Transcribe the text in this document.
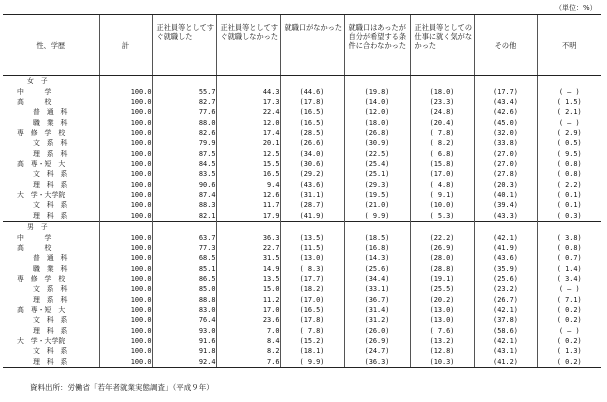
（単位：%）
性、学歴	計	正社員等としてすぐ就職した	正社員等としてすぐ就職しなかった	就職口がなかった	就職口はあったが自分が希望する条件に合わなかった	正社員等としての仕事に就く気がなかった	その他	不明
女　子								
中　　　学	100.0	55.7	44.3	(44.6)	(19.8)	(18.0)	(17.7)	( ― )
高　　　校	100.0	82.7	17.3	(17.8)	(14.0)	(23.3)	(43.4)	( 1.5)
普　通　科	100.0	77.6	22.4	(16.5)	(12.0)	(24.8)	(42.6)	( 2.1)
職　業　科	100.0	88.0	12.0	(16.5)	(18.0)	(20.4)	(45.0)	( ― )
専　修　学　校	100.0	82.6	17.4	(28.5)	(26.8)	( 7.8)	(32.0)	( 2.9)
文　系　科	100.0	79.9	20.1	(26.6)	(30.9)	( 8.2)	(33.8)	( 0.5)
理　系　科	100.0	87.5	12.5	(34.0)	(22.5)	( 6.8)	(27.0)	( 9.5)
高　専・短　大	100.0	84.5	15.5	(30.6)	(25.4)	(15.8)	(27.0)	( 0.8)
文　科　系	100.0	83.5	16.5	(29.2)	(25.1)	(17.0)	(27.8)	( 0.8)
理　科　系	100.0	90.6	9.4	(43.6)	(29.3)	( 4.8)	(20.3)	( 2.2)
大　学・大学院	100.0	87.4	12.6	(31.1)	(19.5)	( 9.1)	(40.1)	( 0.1)
文　科　系	100.0	88.3	11.7	(28.7)	(21.0)	(10.0)	(39.4)	( 0.1)
理　科　系	100.0	82.1	17.9	(41.9)	( 9.9)	( 5.3)	(43.3)	( 0.3)
男　子								
中　　　学	100.0	63.7	36.3	(13.5)	(18.5)	(22.2)	(42.1)	( 3.8)
高　　　校	100.0	77.3	22.7	(11.5)	(16.8)	(26.9)	(41.9)	( 0.8)
普　通　科	100.0	68.5	31.5	(13.0)	(14.3)	(28.0)	(43.6)	( 0.7)
職　業　科	100.0	85.1	14.9	( 8.3)	(25.6)	(28.8)	(35.9)	( 1.4)
専　修　学　校	100.0	86.5	13.5	(17.7)	(34.4)	(19.1)	(25.6)	( 3.4)
文　系　科	100.0	85.0	15.0	(18.2)	(33.1)	(25.5)	(23.2)	( ― )
理　系　科	100.0	88.8	11.2	(17.0)	(36.7)	(20.2)	(26.7)	( 7.1)
高　専・短　大	100.0	83.0	17.0	(16.5)	(31.4)	(13.0)	(42.1)	( 0.2)
文　科　系	100.0	76.4	23.6	(17.8)	(31.2)	(13.0)	(37.8)	( 0.2)
理　科　系	100.0	93.0	7.0	( 7.8)	(26.0)	( 7.6)	(58.6)	( ― )
大　学・大学院	100.0	91.6	8.4	(15.2)	(26.9)	(13.2)	(42.1)	( 0.2)
文　科　系	100.0	91.8	8.2	(18.1)	(24.7)	(12.8)	(43.1)	( 1.3)
理　科　系	100.0	92.4	7.6	( 9.9)	(36.3)	(10.3)	(41.2)	( 0.2)
資料出所：労働省「若年者就業実態調査」（平成９年）
